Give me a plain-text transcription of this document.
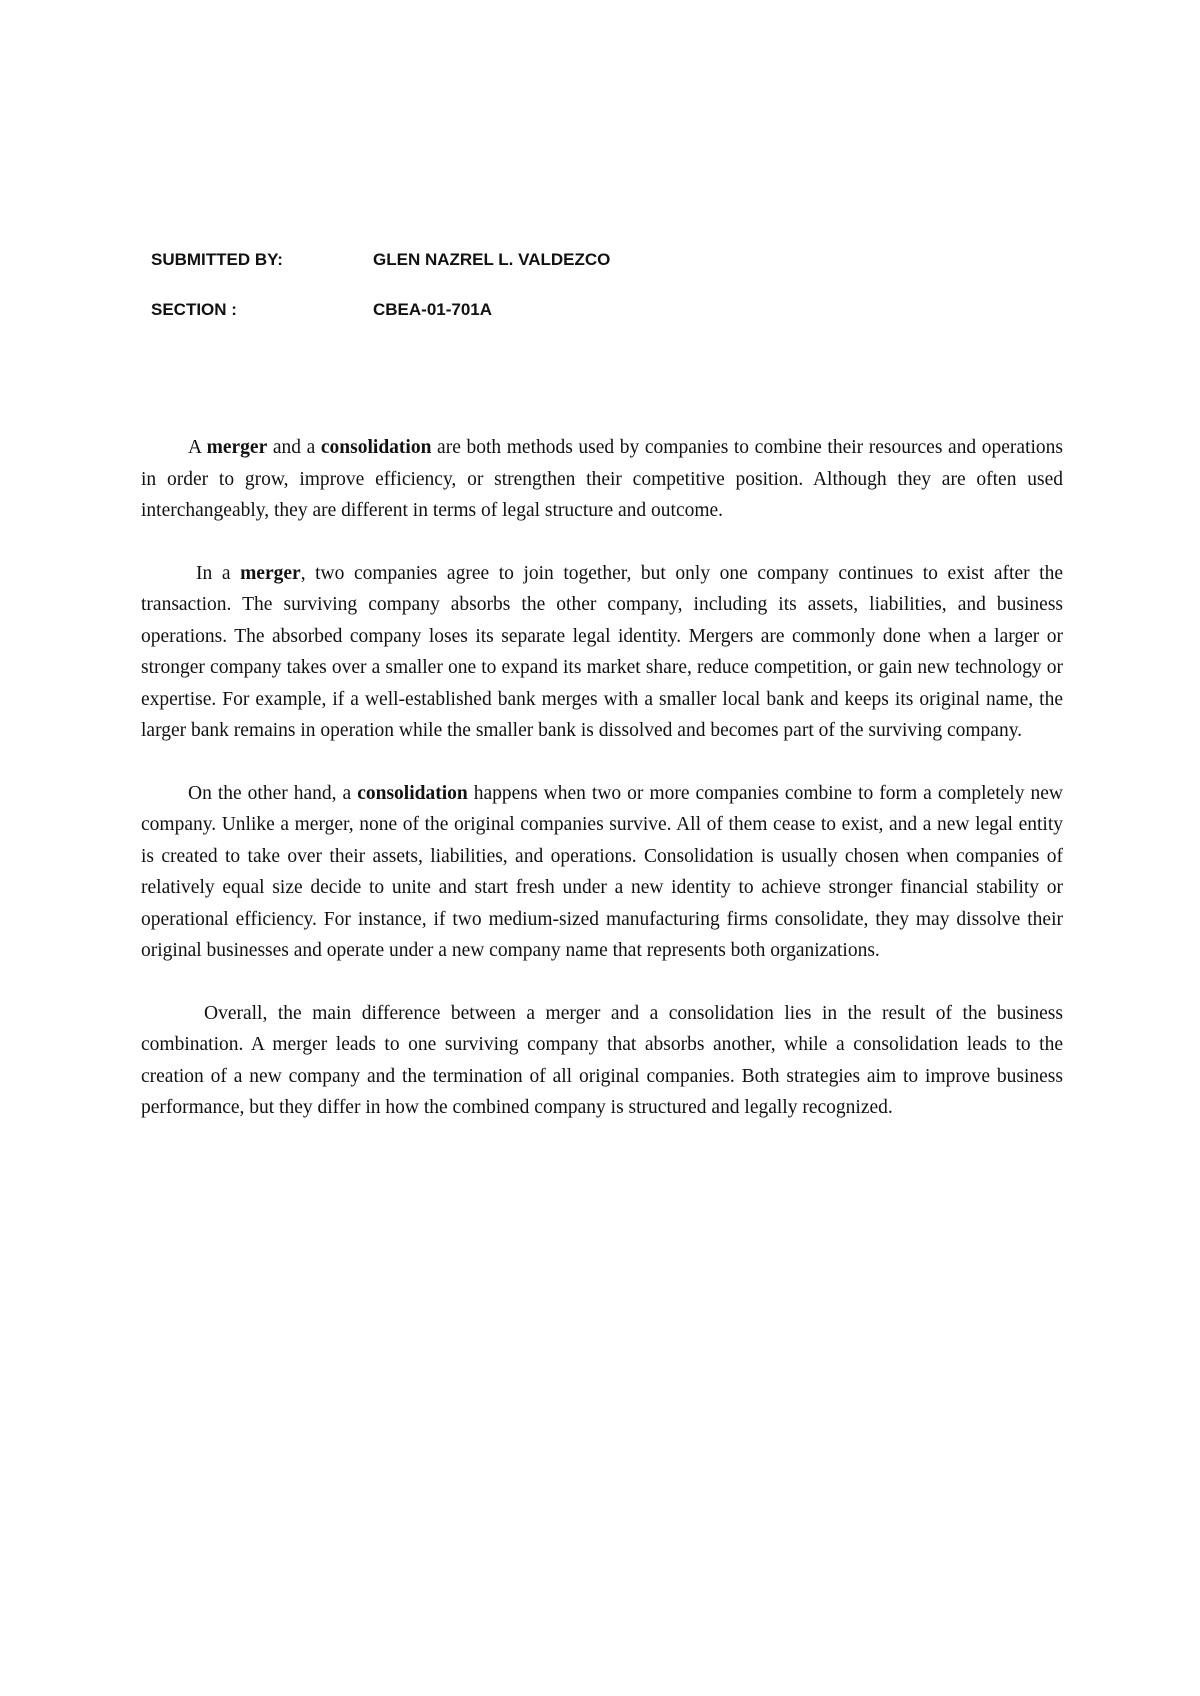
SUBMITTED BY:	GLEN NAZREL L. VALDEZCO
SECTION :	CBEA-01-701A

A merger and a consolidation are both methods used by companies to combine their resources and operations in order to grow, improve efficiency, or strengthen their competitive position. Although they are often used interchangeably, they are different in terms of legal structure and outcome.

In a merger, two companies agree to join together, but only one company continues to exist after the transaction. The surviving company absorbs the other company, including its assets, liabilities, and business operations. The absorbed company loses its separate legal identity. Mergers are commonly done when a larger or stronger company takes over a smaller one to expand its market share, reduce competition, or gain new technology or expertise. For example, if a well-established bank merges with a smaller local bank and keeps its original name, the larger bank remains in operation while the smaller bank is dissolved and becomes part of the surviving company.

On the other hand, a consolidation happens when two or more companies combine to form a completely new company. Unlike a merger, none of the original companies survive. All of them cease to exist, and a new legal entity is created to take over their assets, liabilities, and operations. Consolidation is usually chosen when companies of relatively equal size decide to unite and start fresh under a new identity to achieve stronger financial stability or operational efficiency. For instance, if two medium-sized manufacturing firms consolidate, they may dissolve their original businesses and operate under a new company name that represents both organizations.

Overall, the main difference between a merger and a consolidation lies in the result of the business combination. A merger leads to one surviving company that absorbs another, while a consolidation leads to the creation of a new company and the termination of all original companies. Both strategies aim to improve business performance, but they differ in how the combined company is structured and legally recognized.
